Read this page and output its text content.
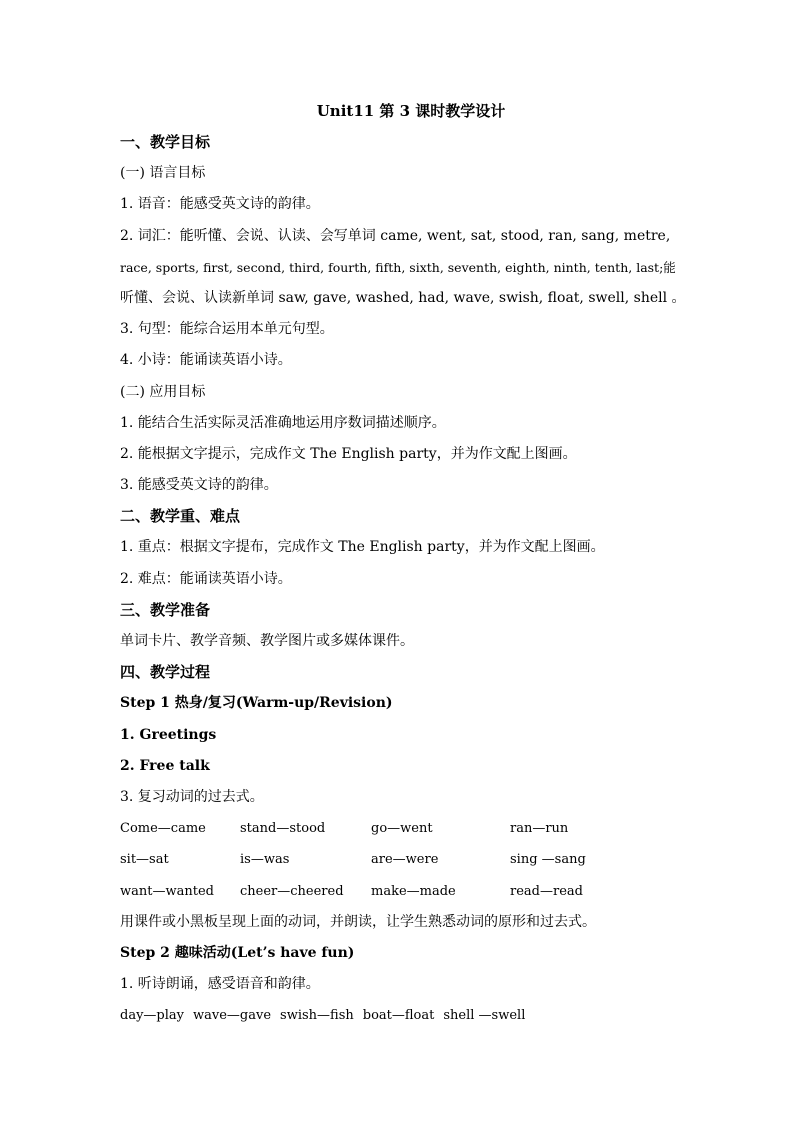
Unit11 第 3 课时教学设计
一、教学目标
(一) 语言目标
1. 语音：能感受英文诗的韵律。
2. 词汇：能听懂、会说、认读、会写单词 came, went, sat, stood, ran, sang, metre,
race, sports, first, second, third, fourth, fifth, sixth, seventh, eighth, ninth, tenth, last;能
听懂、会说、认读新单词 saw, gave, washed, had, wave, swish, float, swell, shell 。
3. 句型：能综合运用本单元句型。
4. 小诗：能诵读英语小诗。
(二) 应用目标
1. 能结合生活实际灵活准确地运用序数词描述顺序。
2. 能根据文字提示，完成作文 The English party，并为作文配上图画。
3. 能感受英文诗的韵律。
二、教学重、难点
1. 重点：根据文字提布，完成作文 The English party，并为作文配上图画。
2. 难点：能诵读英语小诗。
三、教学准备
单词卡片、教学音频、教学图片或多媒体课件。
四、教学过程
Step 1 热身/复习(Warm-up/Revision)
1. Greetings
2. Free talk
3. 复习动词的过去式。
Come—came	stand—stood	go—went	ran—run
sit—sat	is—was	are—were	sing —sang
want—wanted	cheer—cheered	make—made	read—read
用课件或小黑板呈现上面的动词，并朗读，让学生熟悉动词的原形和过去式。
Step 2 趣味活动(Let’s have fun)
1. 听诗朗诵，感受语音和韵律。
day—play wave—gave swish—fish boat—float shell —swell
